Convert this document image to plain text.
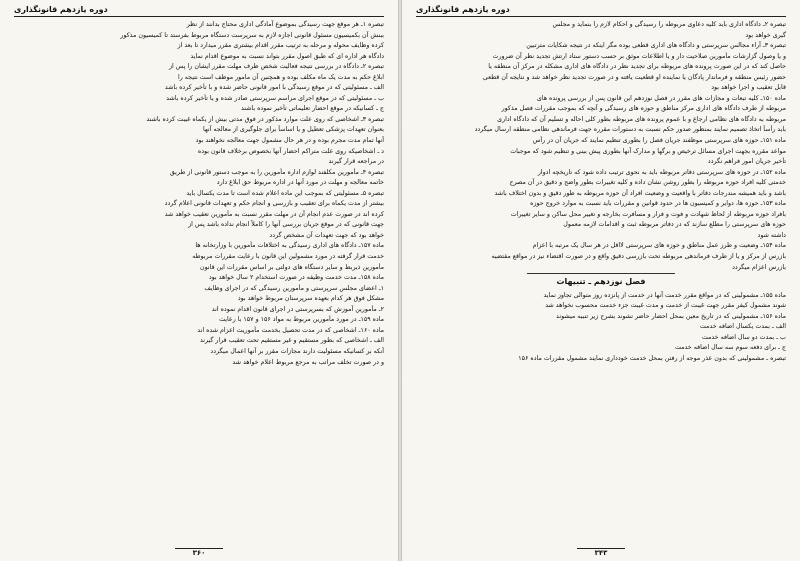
دوره یازدهم قانونگذاری
تبصره ۱ـ هر موقع جهت رسیدگی بموضوع آمادگی اداری محتاج بدانند از نظر
ببنش آن بکمیسیون مسئول قانونی اجازه لازم به سرپرست دستگاه مربوط بفرستد تا کمیسیون مذکور
کرده وظایف محوله و مرحله به ترتیب مقرر اقدام بیشتری مقرر میدارد تا بعد از
دادگاه هر اداره ای که طبق اصول مقرر بتواند نسبت به موضوع اقدام نماید
تبصره ۲ـ دادگاه در بررسی نتیجه فعالیت شخص ظرف مهلت مقرر ایشان را پس از
ابلاغ حکم به مدت یک ماه مکلف بوده و همچنین آن مامور موظف است نتیجه را
الف ـ مسئولیتی که در موقع رسیدگی با امور قانونی حاضر شده و با تأخیر کرده باشد
ب ـ مسئولیتی که در موقع اجرای مراسم سرپرستی صادر شده و یا تأخیر کرده باشد
ج ـ کسانیکه در موقع احضار تعلیماتی تأخیر نموده باشند
تبصره ۳ـ اشخاصی که روی علت موارد مذکور در فوق مدتی بیش از یکماه غیبت کرده باشند
بعنوان تعهدات پزشکی تعطیل و یا اساساً برای جلوگیری از معالجه آنها
آنها تمام مدت مجرم بوده و در هر حال مشمول جهت معالجه نخواهند بود
د ـ اشخاصیکه روی علت متراکم احضار آنها بخصوص برخلاف قانون بوده
در مراجعه قرار گیرند
تبصره ۴ـ مأمورین مکلفند لوازم اداره مأمورین را به موجب دستور قانونی از طریق
خاتمه معالجه و مهلت در مورد آنها در اداره مربوط حق ابلاغ دارد
تبصره ۵ـ مسئولیتی که بموجب این ماده اعلام شده است تا مدت یکسال باید
بیشتر از مدت یکماه برای تعقیب و بازرسی و انجام حکم و تعهدات قانونی اعلام گردد
کرده اند در صورت عدم انجام آن در مهلت مقرر نسبت به مأمورین تعقیب خواهد شد
جهت قانونی که در موقع جریان بررسی آنها را کاملاً انجام نداده باشد پس از
خواهد بود که جهت تعهدات آن مشخص گردد
ماده ۱۵۷ـ دادگاه های اداری رسیدگی به اختلافات مأمورین با وزارتخانه ها
خدمت قرار گرفته در مورد مشمولین این قانون با رعایت مقررات مربوطه
مأمورین ذیربط و سایر دستگاه های دولتی بر اساس مقررات این قانون
ماده ۱۵۸ـ مدت خدمت وظیفه در صورت استخدام ۲ سال خواهد بود
۱ـ اعضای مجلس سرپرستی و مأمورین رسیدگی که در اجرای وظایف
مشکل فوق هر کدام بعهده سرپرستان مربوط خواهد بود
۲ـ مأمورین آموزش که بسرپرستی در اجرای قانون اقدام نموده اند
ماده ۱۵۹ـ در مورد مأمورین مربوط به مواد ۱۵۶ و ۱۵۷ با رعایت
ماده ۱۶۰ـ اشخاصی که در مدت تحصیل بخدمت مأموریت اعزام شده اند
الف ـ اشخاصی که بطور مستقیم و غیر مستقیم تحت تعقیب قرار گیرند
آنکه بر کسانیکه مسئولیت دارند مجازات مقرر بر آنها اعمال میگردد
و در صورت تخلف مراتب به مرجع مربوط اعلام خواهد شد
۳۶۰
دوره یازدهم قانونگذاری
تبصره ۲ـ دادگاه اداری باید کلیه دعاوی مربوطه را رسیدگی و احکام لازم را بنماید و مجلس
گیری خواهد بود
تبصره ۳ـ آراء مجالس سرپرستی و دادگاه های اداری قطعی بوده مگر اینکه در نتیجه شکایات مترتبین
و یا وصول گزارشات مأمورین صلاحیت دار و یا اطلاعات موثق بر حسب دستور ستاد ارتش تجدید نظر آن ضرورت
حاصل کند که در این صورت پرونده های مربوطه برای تجدید نظر در دادگاه های اداری مشکله در مرکز آن منطقه یا
حضور رئیس منطقه و فرماندار پادگان یا نماینده او قطعیت یافته و در صورت تجدید نظر خواهد شد و نتایجه آن قطعی
قابل تعقیب و اجرا خواهد بود
ماده ۱۵۰ـ کلیه تبعات و مجازات های مقرر در فصل نوزدهم این قانون پس از بررسی پرونده های
مربوطه از طرف دادگاه های اداری مرکز مناطق و حوزه های رسیدگی و آنچه که بموجب مقررات فصل مذکور
مربوطه به دادگاه های نظامی ارجاع و با عموم پرونده های مربوطه بطور کلی احاله و تسلیم آن که دادگاه اداری
باید رأساً اتخاذ تصمیم نمایند بمنظور صدور حکم نسبت به دستورات مقرره جهت فرماندهی نظامی منطقه ارسال میگردد
ماده ۱۵۱ـ حوزه های سرپرستی موظفند جریان فصل را بطوری تنظیم نمایند که جریان آن در رأس
مواعد مقرره بجهت اجرای مسائل ترخیص و برگها و مدارک آنها بطوری پیش بینی و تنظیم شود که موجبات
تأخیر جریان امور فراهم نگردد
ماده ۱۵۲ـ در حوزه های سرپرستی دفاتر مربوطه باید به نحوی ترتیب داده شود که تاریخچه ادوار
خدمتی کلیه افراد حوزه مربوطه را بطور روشن نشان داده و کلیه تغییرات بطور واضح و دقیق در آن مصرح
باشد و باید همیشه مندرجات دفاتر با واقعیت و وضعیت افراد آن حوزه مربوطه به طور دقیق و بدون اختلاف باشد
ماده ۱۵۳ـ حوزه ها، دوایر و کمیسیون ها در حدود قوانین و مقررات باید نسبت به موارد خروج حوزه
بافراد حوزه مربوطه از لحاظ شهادت و فوت و فرار و مسافرت بخارجه و تغییر محل ساکن و سایر تغییرات
حوزه های سرپرستی را مطلع سازند که در دفاتر مربوطه ثبت و اقدامات لازمه معمول
داشته شود
ماده ۱۵۴ـ وضعیت و طرز عمل مناطق و حوزه های سرپرستی لااقل در هر سال یک مرتبه با اعزام
بازرس از مرکز و یا از طرف فرماندهی مربوطه تحت بازرسی دقیق واقع و در صورت اقتضاء نیز در مواقع مقتضیه
بازرس اعزام میگردد
فصل نوزدهم ـ تنبیهات
ماده ۱۵۵ـ مشمولینی که در مواقع مقرر خدمت آنها در خدمت از پانزده روز متوالی تجاوز نماید
شوند مشمول کیفر مقرر جهت غیبت از خدمت و مدت غیبت جزء خدمت محسوب نخواهد شد
ماده ۱۵۶ـ مشمولینی که در تاریخ معین بمحل احضار حاضر نشوند بشرح زیر تنبیه میشوند
الف ـ بمدت یکسال اضافه خدمت
ب ـ بمدت دو سال اضافه خدمت
ج ـ برای دفعه سوم سه سال اضافه خدمت
تبصره ـ مشمولینی که بدون عذر موجه از رفتن بمحل خدمت خودداری نمایند مشمول مقررات ماده ۱۵۶
۳۴۳
